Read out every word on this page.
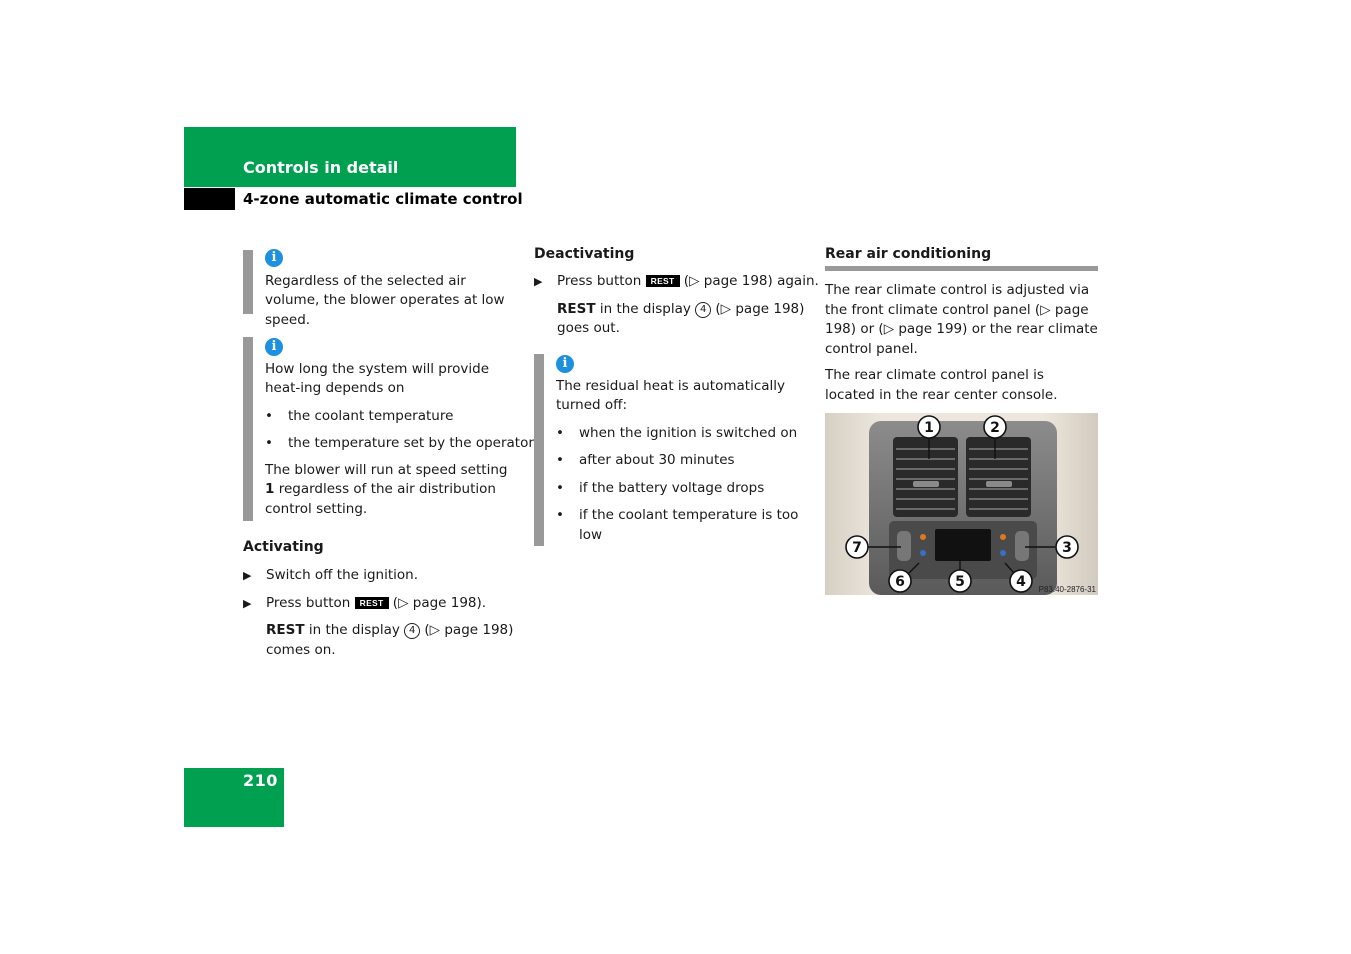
Controls in detail
4-zone automatic climate control
i

Regardless of the selected air volume, the blower operates at low speed.

i

How long the system will provide heat-ing depends on

• the coolant temperature

• the temperature set by the operator

The blower will run at speed setting 1 regardless of the air distribution control setting.

Activating

▶ Switch off the ignition.

▶ Press button REST (▷ page 198).

REST in the display 4 (▷ page 198) comes on.

Deactivating

▶ Press button REST (▷ page 198) again.

REST in the display 4 (▷ page 198) goes out.

i

The residual heat is automatically turned off:

• when the ignition is switched on

• after about 30 minutes

• if the battery voltage drops

• if the coolant temperature is too low

Rear air conditioning

The rear climate control is adjusted via the front climate control panel (▷ page 198) or (▷ page 199) or the rear climate control panel.

The rear climate control panel is located in the rear center console.

1	2
3
4
5
6
7
P83.40-2876-31
210
